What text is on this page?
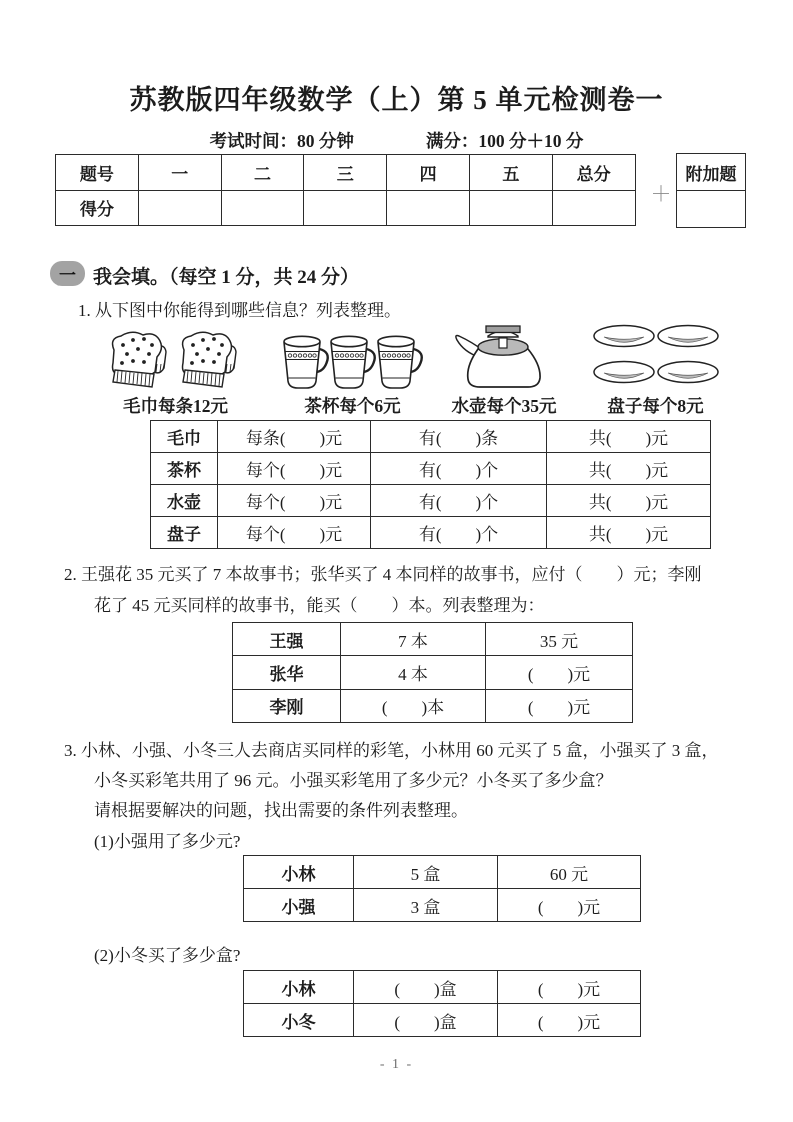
苏教版四年级数学（上）第 5 单元检测卷一
考试时间：80 分钟	满分：100 分＋10 分
题号	一	二	三	四	五	总分
得分						
＋
附加题

一 我会填。（每空 1 分，共 24 分）
1. 从下图中你能得到哪些信息？列表整理。
毛巾每条12元	茶杯每个6元	水壶每个35元	盘子每个8元
毛巾	每条(　　)元	有(　　)条	共(　　)元
茶杯	每个(　　)元	有(　　)个	共(　　)元
水壶	每个(　　)元	有(　　)个	共(　　)元
盘子	每个(　　)元	有(　　)个	共(　　)元
2. 王强花 35 元买了 7 本故事书；张华买了 4 本同样的故事书，应付（　　）元；李刚
花了 45 元买同样的故事书，能买（　　）本。列表整理为：
王强	7 本	35 元
张华	4 本	(　　)元
李刚	(　　)本	(　　)元
3. 小林、小强、小冬三人去商店买同样的彩笔，小林用 60 元买了 5 盒，小强买了 3 盒，
小冬买彩笔共用了 96 元。小强买彩笔用了多少元？小冬买了多少盒？
请根据要解决的问题，找出需要的条件列表整理。
(1)小强用了多少元?
小林	5 盒	60 元
小强	3 盒	(　　)元
(2)小冬买了多少盒?
小林	(　　)盒	(　　)元
小冬	(　　)盒	(　　)元
- 1 -
